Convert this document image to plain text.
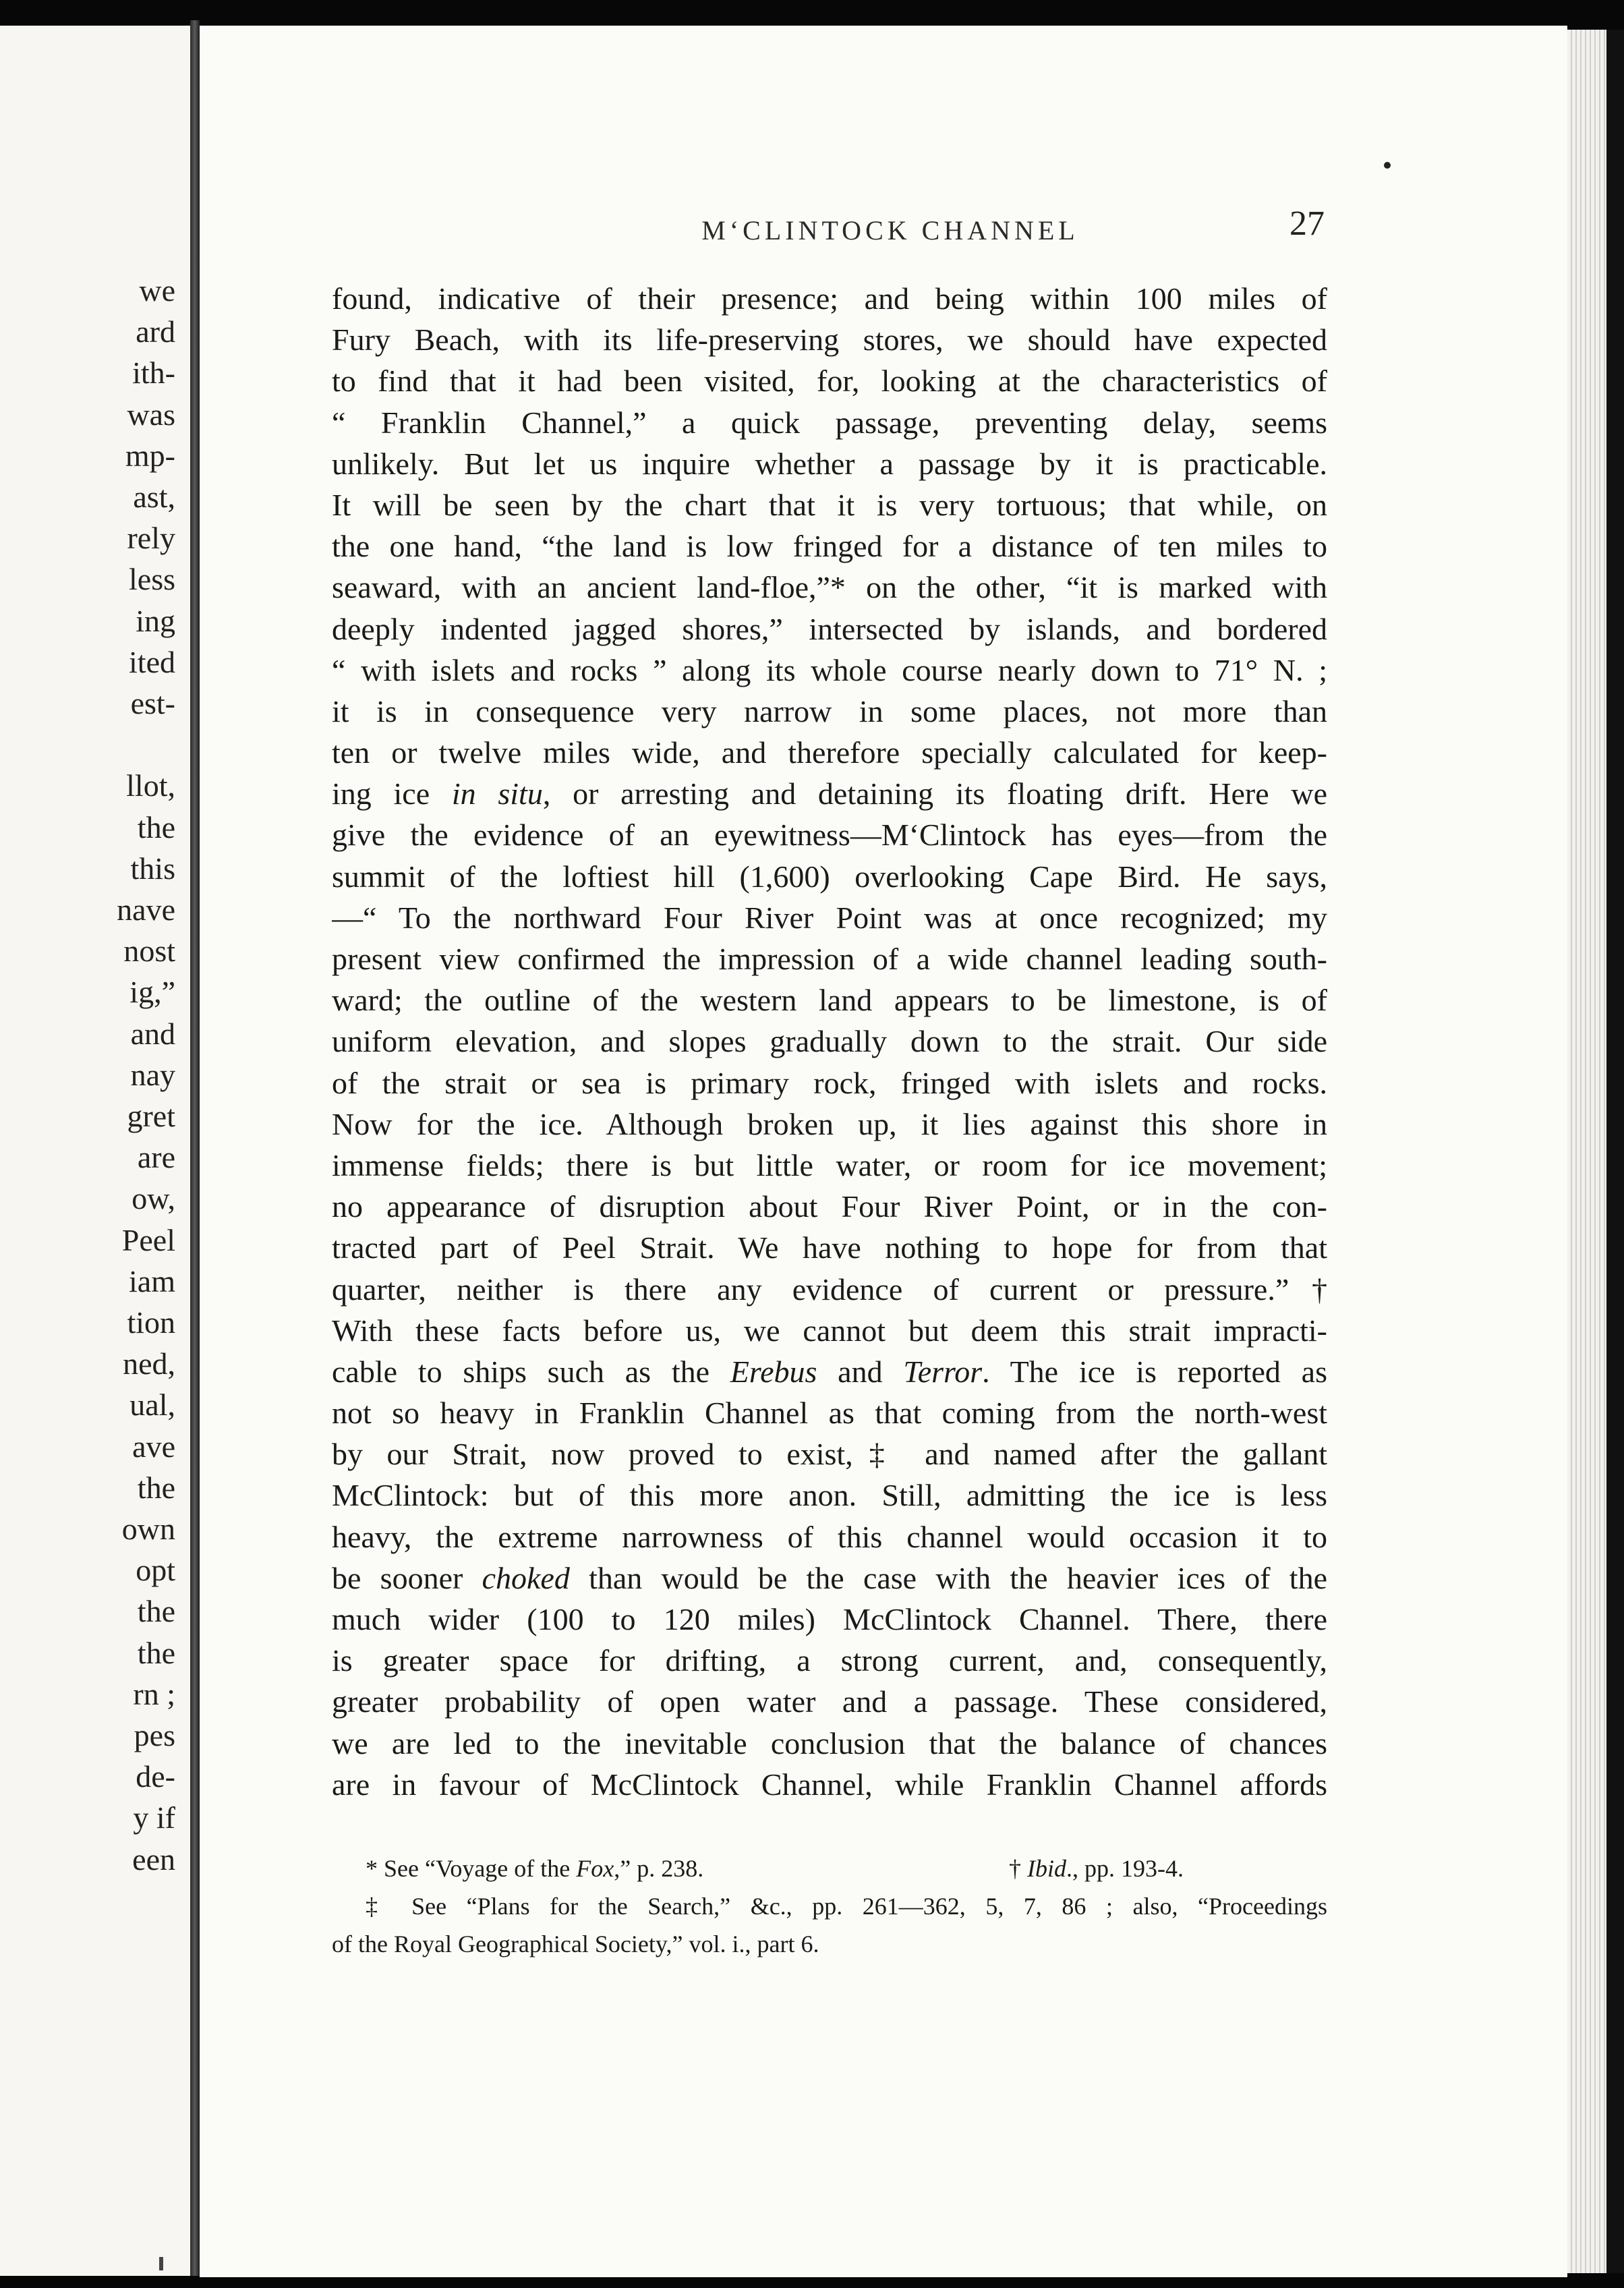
we
ard
ith-
was
mp-
ast,
rely
less
ing
ited
est-
llot,
the
this
nave
nost
ig,”
and
nay
gret
are
ow,
Peel
iam
tion
ned,
ual,
ave
the
own
opt
the
the
rn ;
pes
de-
y if
een
M‘CLINTOCK CHANNEL	27
found, indicative of their presence; and being within 100 miles of
Fury Beach, with its life-preserving stores, we should have expected
to find that it had been visited, for, looking at the characteristics of
“ Franklin Channel,” a quick passage, preventing delay, seems
unlikely. But let us inquire whether a passage by it is practicable.
It will be seen by the chart that it is very tortuous; that while, on
the one hand, “the land is low fringed for a distance of ten miles to
seaward, with an ancient land-floe,”* on the other, “it is marked with
deeply indented jagged shores,” intersected by islands, and bordered
“ with islets and rocks ” along its whole course nearly down to 71° N. ;
it is in consequence very narrow in some places, not more than
ten or twelve miles wide, and therefore specially calculated for keep-
ing ice in situ, or arresting and detaining its floating drift. Here we
give the evidence of an eyewitness—M‘Clintock has eyes—from the
summit of the loftiest hill (1,600) overlooking Cape Bird. He says,
—“ To the northward Four River Point was at once recognized; my
present view confirmed the impression of a wide channel leading south-
ward; the outline of the western land appears to be limestone, is of
uniform elevation, and slopes gradually down to the strait. Our side
of the strait or sea is primary rock, fringed with islets and rocks.
Now for the ice. Although broken up, it lies against this shore in
immense fields; there is but little water, or room for ice movement;
no appearance of disruption about Four River Point, or in the con-
tracted part of Peel Strait. We have nothing to hope for from that
quarter, neither is there any evidence of current or pressure.”†
With these facts before us, we cannot but deem this strait impracti-
cable to ships such as the Erebus and Terror. The ice is reported as
not so heavy in Franklin Channel as that coming from the north-west
by our Strait, now proved to exist,‡ and named after the gallant
McClintock: but of this more anon. Still, admitting the ice is less
heavy, the extreme narrowness of this channel would occasion it to
be sooner choked than would be the case with the heavier ices of the
much wider (100 to 120 miles) McClintock Channel. There, there
is greater space for drifting, a strong current, and, consequently,
greater probability of open water and a passage. These considered,
we are led to the inevitable conclusion that the balance of chances
are in favour of McClintock Channel, while Franklin Channel affords
* See “Voyage of the Fox,” p. 238.	† Ibid., pp. 193-4.
‡ See “Plans for the Search,” &c., pp. 261—362, 5, 7, 86 ; also, “Proceedings
of the Royal Geographical Society,” vol. i., part 6.
